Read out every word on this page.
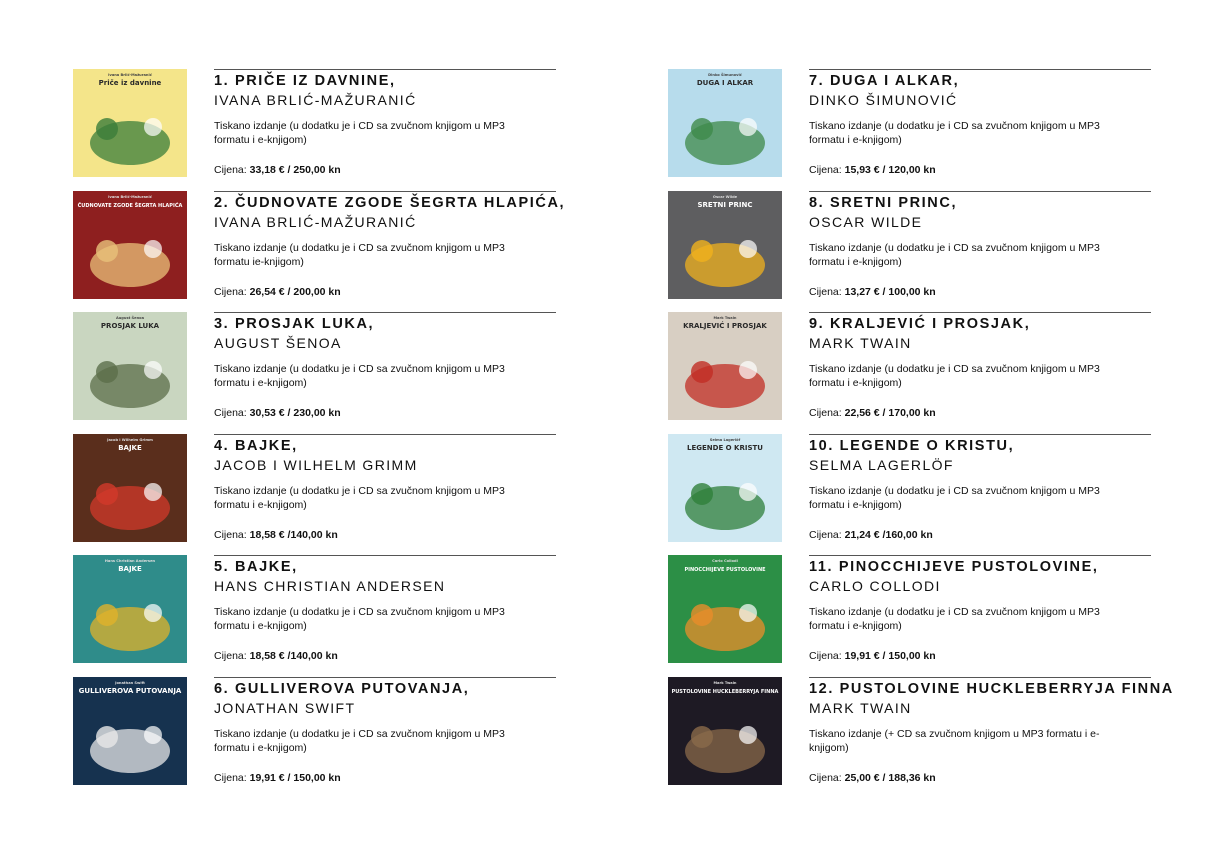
Priče iz davnine
Ivana Brlić-Mažuranić	1. PRIČE IZ DAVNINE,
IVANA BRLIĆ-MAŽURANIĆ
Tiskano izdanje (u dodatku je i CD sa zvučnom knjigom u MP3 formatu i e-knjigom)
Cijena: 33,18 € / 250,00 kn
ČUDNOVATE ZGODE ŠEGRTA HLAPIĆA
Ivana Brlić-Mažuranić	2. ČUDNOVATE ZGODE ŠEGRTA HLAPIĆA,
IVANA BRLIĆ-MAŽURANIĆ
Tiskano izdanje (u dodatku je i CD sa zvučnom knjigom u MP3 formatu ie-knjigom)
Cijena: 26,54 € / 200,00 kn
PROSJAK LUKA
August Šenoa	3. PROSJAK LUKA,
AUGUST ŠENOA
Tiskano izdanje (u dodatku je i CD sa zvučnom knjigom u MP3 formatu i e-knjigom)
Cijena: 30,53 € / 230,00 kn
BAJKE
Jacob i Wilhelm Grimm	4. BAJKE,
JACOB I WILHELM GRIMM
Tiskano izdanje (u dodatku je i CD sa zvučnom knjigom u MP3 formatu i e-knjigom)
Cijena: 18,58 € /140,00 kn
BAJKE
Hans Christian Andersen	5. BAJKE,
HANS CHRISTIAN ANDERSEN
Tiskano izdanje (u dodatku je i CD sa zvučnom knjigom u MP3 formatu i e-knjigom)
Cijena: 18,58 € /140,00 kn
GULLIVEROVA PUTOVANJA
Jonathan Swift	6. GULLIVEROVA PUTOVANJA,
JONATHAN SWIFT
Tiskano izdanje (u dodatku je i CD sa zvučnom knjigom u MP3 formatu i e-knjigom)
Cijena: 19,91 € / 150,00 kn
DUGA I ALKAR
Dinko Šimunović	7. DUGA I ALKAR,
DINKO ŠIMUNOVIĆ
Tiskano izdanje (u dodatku je i CD sa zvučnom knjigom u MP3 formatu i e-knjigom)
Cijena: 15,93 € / 120,00 kn
SRETNI PRINC
Oscar Wilde	8. SRETNI PRINC,
OSCAR WILDE
Tiskano izdanje (u dodatku je i CD sa zvučnom knjigom u MP3 formatu i e-knjigom)
Cijena: 13,27 € / 100,00 kn
KRALJEVIĆ I PROSJAK
Mark Twain	9. KRALJEVIĆ I PROSJAK,
MARK TWAIN
Tiskano izdanje (u dodatku je i CD sa zvučnom knjigom u MP3 formatu i e-knjigom)
Cijena: 22,56 € / 170,00 kn
LEGENDE O KRISTU
Selma Lagerlöf	10. LEGENDE O KRISTU,
SELMA LAGERLÖF
Tiskano izdanje (u dodatku je i CD sa zvučnom knjigom u MP3 formatu i e-knjigom)
Cijena: 21,24 € /160,00 kn
PINOCCHIJEVE PUSTOLOVINE
Carlo Collodi	11. PINOCCHIJEVE PUSTOLOVINE,
CARLO COLLODI
Tiskano izdanje (u dodatku je i CD sa zvučnom knjigom u MP3 formatu i e-knjigom)
Cijena: 19,91 € / 150,00 kn
PUSTOLOVINE HUCKLEBERRYJA FINNA
Mark Twain	12. PUSTOLOVINE HUCKLEBERRYJA FINNA
MARK TWAIN
Tiskano izdanje (+ CD sa zvučnom knjigom u MP3 formatu i e-knjigom)
Cijena: 25,00 € / 188,36 kn
